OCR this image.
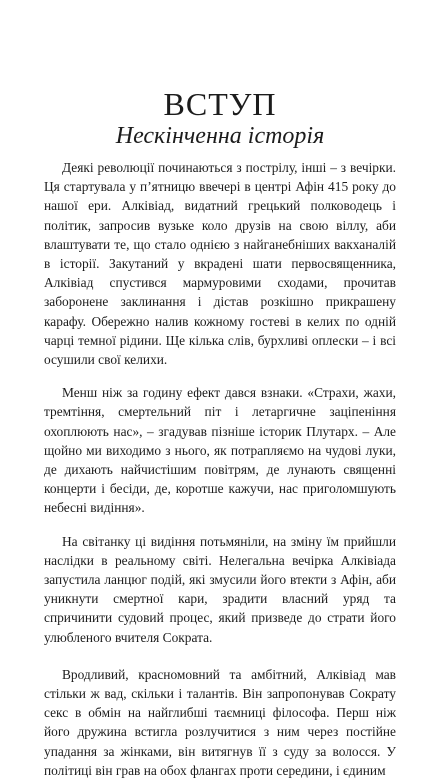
ВСТУП
Нескінченна історія

Деякі революції починаються з пострілу, інші – з вечірки. Ця стартувала у п’ятницю ввечері в центрі Афін 415 року до нашої ери. Алківіад, видатний грецький полководець і політик, запросив вузьке коло друзів на свою віллу, аби влаштувати те, що стало однією з найганебніших вакханалій в історії. Закутаний у вкрадені шати первосвященника, Алківіад спустився мармуровими сходами, прочитав заборонене заклинання і дістав розкішно прикрашену карафу. Обережно налив кожному гостеві в келих по одній чарці темної рідини. Ще кілька слів, бурхливі оплески – і всі осушили свої келихи.

Менш ніж за годину ефект дався взнаки. «Страхи, жахи, тремтіння, смертельний піт і летаргичне заціпеніння охоплюють нас», – згадував пізніше історик Плутарх. – Але щойно ми виходимо з нього, як потрапляємо на чудові луки, де дихають найчистішим повітрям, де лунають священні концерти і бесіди, де, коротше кажучи, нас приголомшують небесні видіння».

На світанку ці видіння потьмяніли, на зміну їм прийшли наслідки в реальному світі. Нелегальна вечірка Алківіада запустила ланцюг подій, які змусили його втекти з Афін, аби уникнути смертної кари, зрадити власний уряд та спричинити судовий процес, який призведе до страти його улюбленого вчителя Сократа.

Вродливий, красномовний та амбітний, Алківіад мав стільки ж вад, скільки і талантів. Він запропонував Сократу секс в обмін на найглибші таємниці філософа. Перш ніж його дружина встигла розлучитися з ним через постійне упадання за жінками, він витягнув її з суду за волосся. У політиці він грав на обох флангах проти середини, і єдиним
